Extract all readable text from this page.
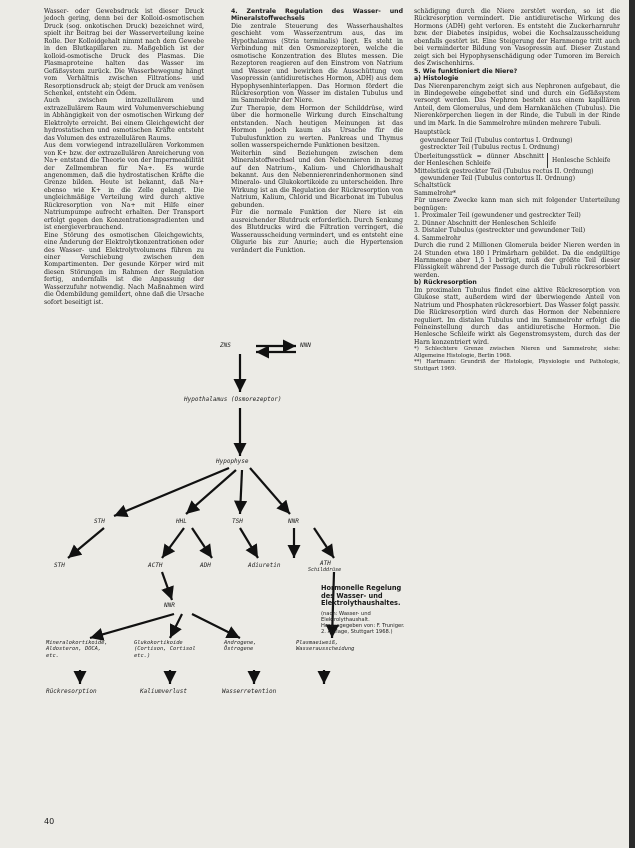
Wasser- oder Gewebsdruck ist dieser Druck jedoch gering, denn bei der Kolloid-osmotischen Druck (sog. onkotischen Druck) bezeichnet wird, spielt ihr Beitrag bei der Wasserverteilung keine Rolle. Der Kolloidgehalt nimmt nach dem Gewebe in den Blutkapillaren zu. Maßgeblich ist der kolloid-osmotische Druck des Plasmas. Die Plasmaproteine halten das Wasser im Gefäßsystem zurück. Die Wasserbewegung hängt vom Verhältnis zwischen Filtrations- und Resorptionsdruck ab; steigt der Druck am venösen Schenkel, entsteht ein Ödem.

Auch zwischen intrazellulärem und extrazellulärem Raum wird Volumenverschiebung in Abhängigkeit von der osmotischen Wirkung der Elektrolyte erreicht. Bei einem Gleichgewicht der hydrostatischen und osmotischen Kräfte entsteht das Volumen des extrazellulären Raums.

Aus dem vorwiegend intrazellulären Vorkommen von K+ bzw. der extrazellulären Anreicherung von Na+ entstand die Theorie von der Impermeabilität der Zellmembran für Na+. Es wurde angenommen, daß die hydrostatischen Kräfte die Grenze bilden. Heute ist bekannt, daß Na+ ebenso wie K+ in die Zelle gelangt. Die ungleichmäßige Verteilung wird durch aktive Rückresorption von Na+ mit Hilfe einer Natriumpumpe aufrecht erhalten. Der Transport erfolgt gegen den Konzentrationsgradienten und ist energieverbrauchend.

Eine Störung des osmotischen Gleichgewichts, eine Änderung der Elektrolytkonzentrationen oder des Wasser- und Elektrolytvolumens führen zu einer Verschiebung zwischen den Kompartimenten. Der gesunde Körper wird mit diesen Störungen im Rahmen der Regulation fertig, andernfalls ist die Anpassung der Wasserzufuhr notwendig. Nach Maßnahmen wird die Ödembildung gemildert, ohne daß die Ursache sofort beseitigt ist.

4. Zentrale Regulation des Wasser- und Mineralstoffwechsels

Die zentrale Steuerung des Wasserhaushaltes geschieht vom Wasserzentrum aus, das im Hypothalamus (Stria terminalis) liegt. Es steht in Verbindung mit den Osmorezeptoren, welche die osmotische Konzentration des Blutes messen. Die Rezeptoren reagieren auf den Einstrom von Natrium und Wasser und bewirken die Ausschüttung von Vasopressin (antidiuretisches Hormon, ADH) aus dem Hypophysenhinterlappen. Das Hormon fördert die Rückresorption von Wasser im distalen Tubulus und im Sammelrohr der Niere.

Zur Therapie, dem Hormon der Schilddrüse, wird über die hormonelle Wirkung durch Einschaltung entstanden. Nach heutigen Meinungen ist das Hormon jedoch kaum als Ursache für die Tubulusfunktion zu werten. Pankreas und Thymus sollen wasserspeichernde Funktionen besitzen.

Weiterhin sind Beziehungen zwischen dem Mineralstoffwechsel und den Nebennieren in bezug auf den Natrium-, Kalium- und Chloridhaushalt bekannt. Aus den Nebennierenrindenhormonen sind Mineralo- und Glukokortikoide zu unterscheiden. Ihre Wirkung ist an die Regulation der Rückresorption von Natrium, Kalium, Chlorid und Bicarbonat im Tubulus gebunden.

Für die normale Funktion der Niere ist ein ausreichender Blutdruck erforderlich. Durch Senkung des Blutdrucks wird die Filtration verringert, die Wasserausscheidung vermindert, und es entsteht eine Oligurie bis zur Anurie; auch die Hypertension verändert die Funktion.

schädigung durch die Niere zerstört werden, so ist die Rückresorption vermindert. Die antidiuretische Wirkung des Hormons (ADH) geht verloren. Es entsteht die Zuckerharnruhr bzw. der Diabetes insipidus, wobei die Kochsalzausscheidung ebenfalls gestört ist. Eine Steigerung der Harnmenge tritt auch bei verminderter Bildung von Vasopressin auf. Dieser Zustand zeigt sich bei Hypophysenschädigung oder Tumoren im Bereich des Zwischenhirns.

5. Wie funktioniert die Niere?

a) Histologie

Das Nierenparenchym zeigt sich aus Nephronen aufgebaut, die in Bindegewebe eingebettet sind und durch ein Gefäßsystem versorgt werden. Das Nephron besteht aus einem kapillären Anteil, dem Glomerulus, und dem Harnkanälchen (Tubulus). Die Nierenkörperchen liegen in der Rinde, die Tubuli in der Rinde und im Mark. In die Sammelrohre münden mehrere Tubuli.

Hauptstück
gewundener Teil (Tubulus contortus I. Ordnung)
gestreckter Teil (Tubulus rectus I. Ordnung)
Überleitungsstück = dünner Abschnitt der Henleschen Schleife	Henlesche Schleife
Mittelstück gestreckter Teil (Tubulus rectus II. Ordnung)
gewundener Teil (Tubulus contortus II. Ordnung)
Schaltstück
Sammelrohr*

Für unsere Zwecke kann man sich mit folgender Unterteilung begnügen:

1. Proximaler Teil (gewundener und gestreckter Teil)
2. Dünner Abschnitt der Henleschen Schleife
3. Distaler Tubulus (gestreckter und gewundener Teil)
4. Sammelrohr

Durch die rund 2 Millionen Glomerula beider Nieren werden in 24 Stunden etwa 180 l Primärharn gebildet. Da die endgültige Harnmenge aber 1,5 l beträgt, muß der größte Teil dieser Flüssigkeit während der Passage durch die Tubuli rückresorbiert werden.

b) Rückresorption

Im proximalen Tubulus findet eine aktive Rückresorption von Glukose statt, außerdem wird der überwiegende Anteil von Natrium und Phosphaten rückresorbiert. Das Wasser folgt passiv. Die Rückresorption wird durch das Hormon der Nebenniere reguliert. Im distalen Tubulus und im Sammelrohr erfolgt die Feineinstellung durch das antidiuretische Hormon. Die Henlesche Schleife wirkt als Gegenstromsystem, durch das der Harn konzentriert wird.

*) Schlechtere Grenze zwischen Nieren und Sammelrohr, siehe: Allgemeine Histologie, Berlin 1968.

**) Hartmann: Grundriß der Histologie, Physiologie und Pathologie, Stuttgart 1969.

ZNS	NNN
Hypothalamus (Osmorezeptor)
Hypophyse
STH	HHL	TSH	NNR
STH	ACTH	ADH	Adiuretin	ATH
Schilddrüse
NNR
Mineralokortikoide, Aldosteron, DOCA, etc.
Glukokortikoide (Cortison, Cortisol etc.)
Androgene, Östrogene
Plasmaeiweiß, Wasserausscheidung
Rückresorption	Kaliumverlust	Wasserretention
Hormonelle Regelung des Wasser- und Elektrolythaushaltes.
(nach: Wasser- und Elektrolythaushalt. Herausgegeben von: F. Truniger. 2. Auflage, Stuttgart 1968.)
40
